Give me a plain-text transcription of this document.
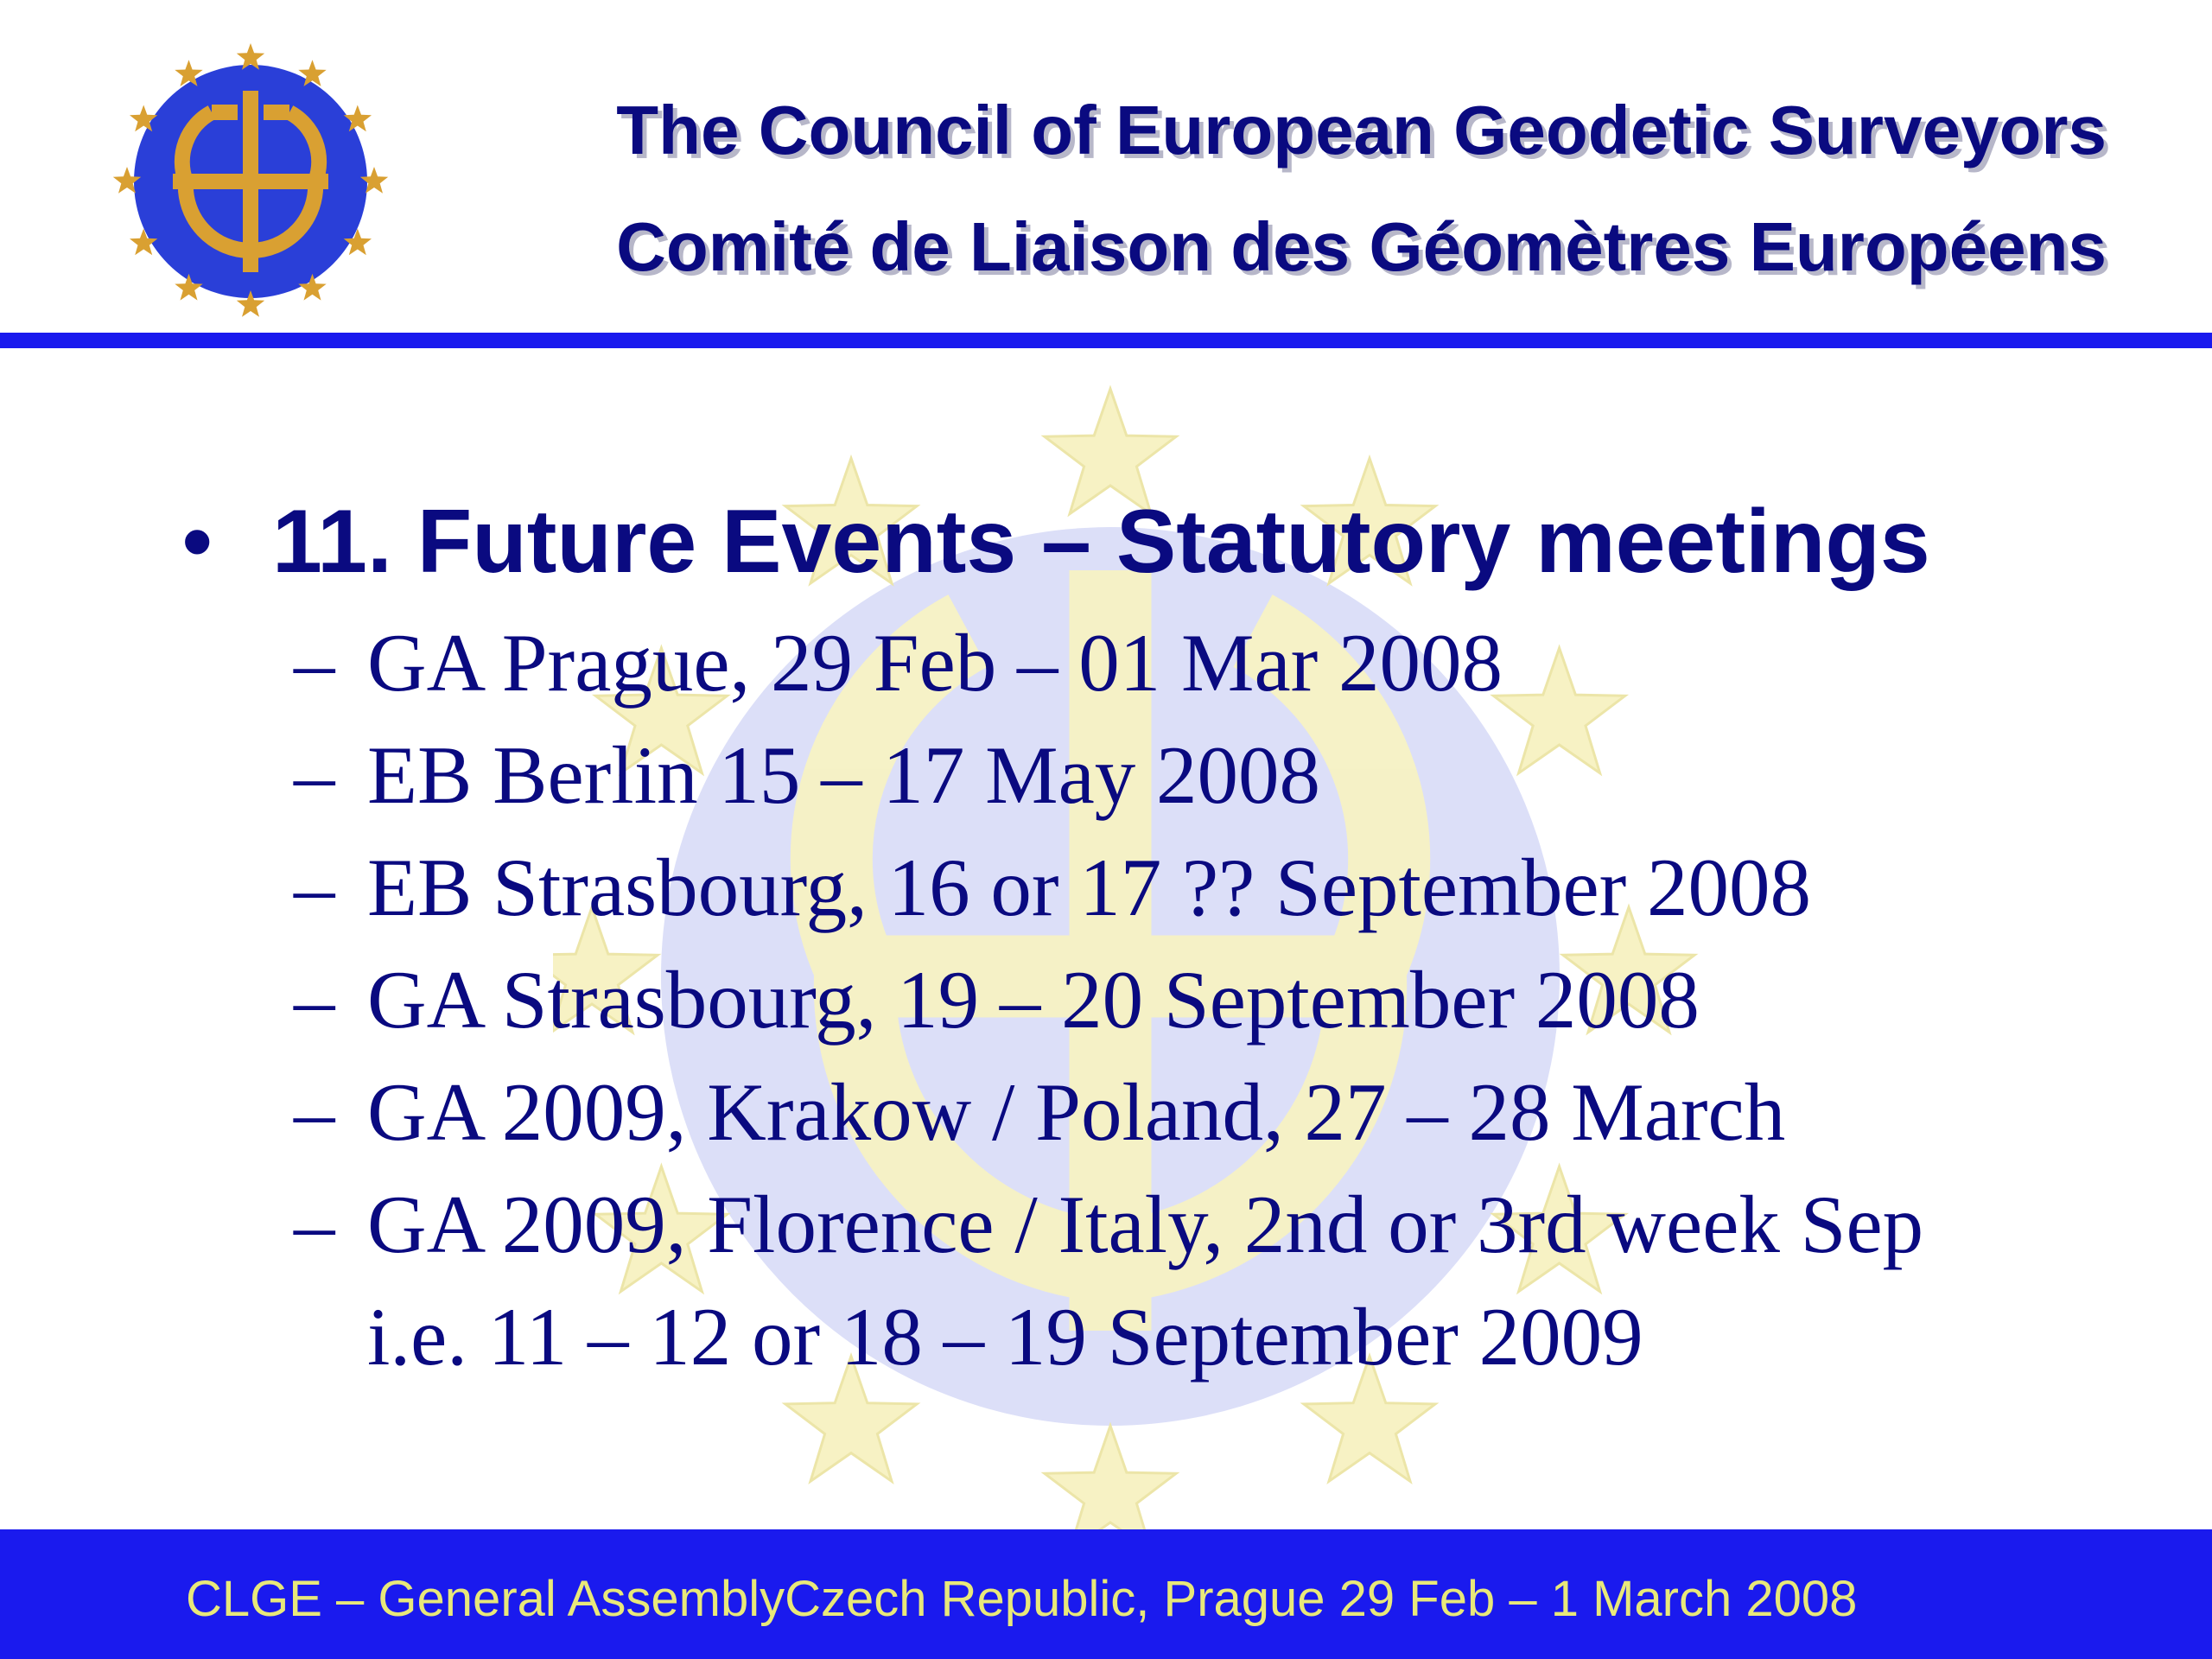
The Council of European Geodetic Surveyors
Comité de Liaison des Géomètres Européens
• 11. Future Events – Statutory meetings
– GA Prague, 29 Feb – 01 Mar 2008
– EB Berlin 15 – 17 May 2008
– EB Strasbourg, 16 or 17 ?? September 2008
– GA Strasbourg, 19 – 20 September 2008
– GA 2009, Krakow / Poland, 27 – 28 March
– GA 2009, Florence / Italy, 2nd or 3rd week Sep
i.e. 11 – 12 or 18 – 19 September 2009
CLGE – General AssemblyCzech Republic, Prague 29 Feb – 1 March 2008
